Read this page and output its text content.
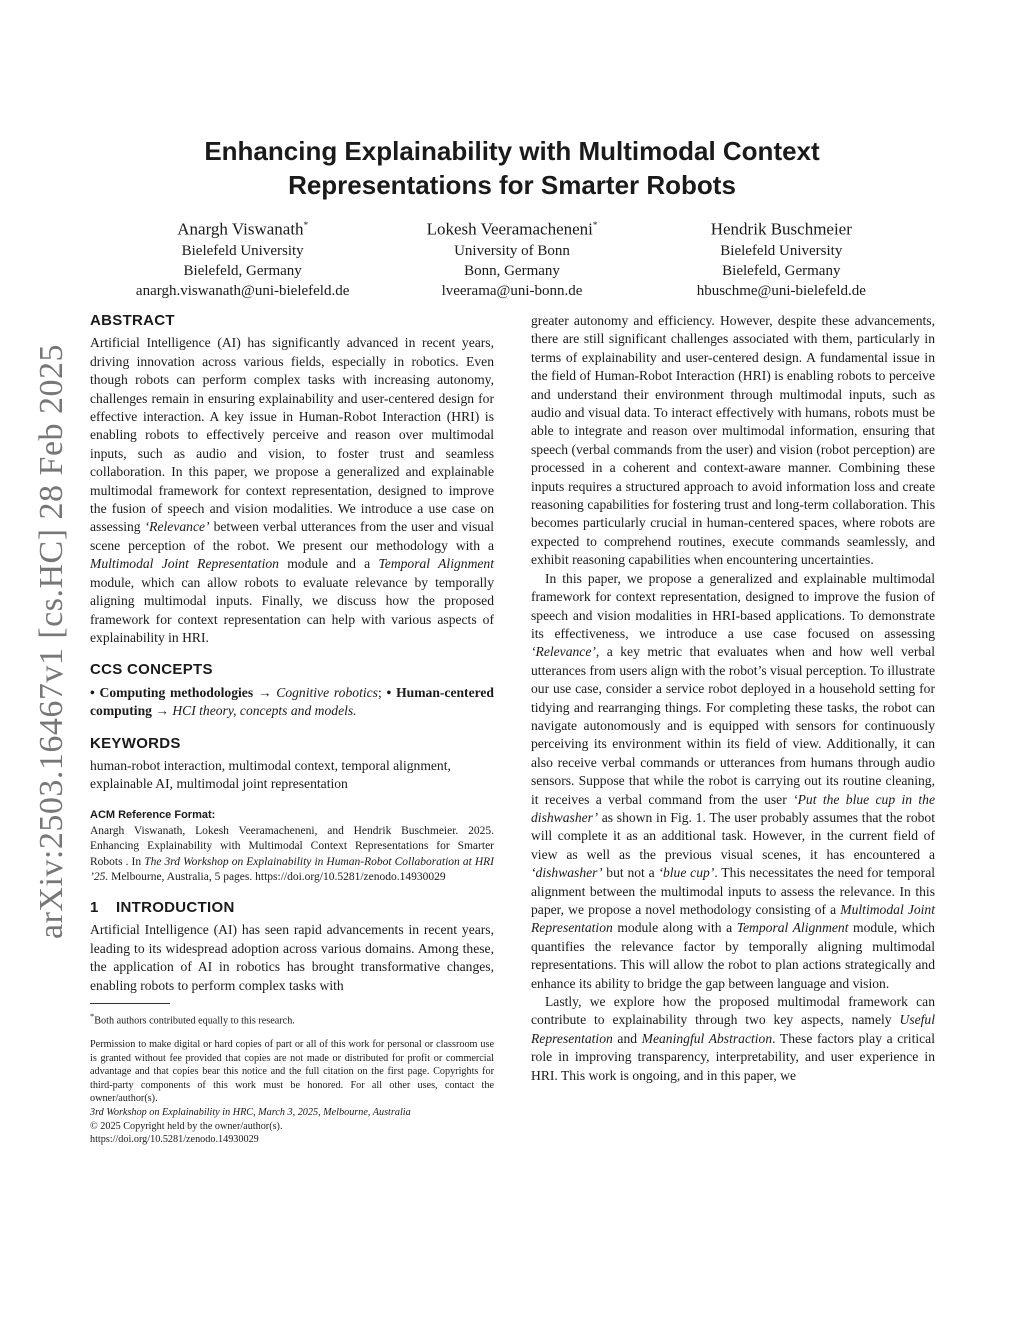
arXiv:2503.16467v1 [cs.HC] 28 Feb 2025
Enhancing Explainability with Multimodal Context
Representations for Smarter Robots
Anargh Viswanath*
Bielefeld University
Bielefeld, Germany
anargh.viswanath@uni-bielefeld.de
Lokesh Veeramacheneni*
University of Bonn
Bonn, Germany
lveerama@uni-bonn.de
Hendrik Buschmeier
Bielefeld University
Bielefeld, Germany
hbuschme@uni-bielefeld.de
ABSTRACT

Artificial Intelligence (AI) has significantly advanced in recent years, driving innovation across various fields, especially in robotics. Even though robots can perform complex tasks with increasing autonomy, challenges remain in ensuring explainability and user-centered design for effective interaction. A key issue in Human-Robot Interaction (HRI) is enabling robots to effectively perceive and reason over multimodal inputs, such as audio and vision, to foster trust and seamless collaboration. In this paper, we propose a generalized and explainable multimodal framework for context representation, designed to improve the fusion of speech and vision modalities. We introduce a use case on assessing ‘Relevance’ between verbal utterances from the user and visual scene perception of the robot. We present our methodology with a Multimodal Joint Representation module and a Temporal Alignment module, which can allow robots to evaluate relevance by temporally aligning multimodal inputs. Finally, we discuss how the proposed framework for context representation can help with various aspects of explainability in HRI.

CCS CONCEPTS

• Computing methodologies → Cognitive robotics; • Human-centered computing → HCI theory, concepts and models.

KEYWORDS

human-robot interaction, multimodal context, temporal alignment, explainable AI, multimodal joint representation

ACM Reference Format:

Anargh Viswanath, Lokesh Veeramacheneni, and Hendrik Buschmeier. 2025. Enhancing Explainability with Multimodal Context Representations for Smarter Robots . In The 3rd Workshop on Explainability in Human-Robot Collaboration at HRI ’25. Melbourne, Australia, 5 pages. https://doi.org/10.5281/zenodo.14930029

1 INTRODUCTION

Artificial Intelligence (AI) has seen rapid advancements in recent years, leading to its widespread adoption across various domains. Among these, the application of AI in robotics has brought transformative changes, enabling robots to perform complex tasks with

*Both authors contributed equally to this research.

Permission to make digital or hard copies of part or all of this work for personal or classroom use is granted without fee provided that copies are not made or distributed for profit or commercial advantage and that copies bear this notice and the full citation on the first page. Copyrights for third-party components of this work must be honored. For all other uses, contact the owner/author(s).

3rd Workshop on Explainability in HRC, March 3, 2025, Melbourne, Australia
© 2025 Copyright held by the owner/author(s).
https://doi.org/10.5281/zenodo.14930029

greater autonomy and efficiency. However, despite these advancements, there are still significant challenges associated with them, particularly in terms of explainability and user-centered design. A fundamental issue in the field of Human-Robot Interaction (HRI) is enabling robots to perceive and understand their environment through multimodal inputs, such as audio and visual data. To interact effectively with humans, robots must be able to integrate and reason over multimodal information, ensuring that speech (verbal commands from the user) and vision (robot perception) are processed in a coherent and context-aware manner. Combining these inputs requires a structured approach to avoid information loss and create reasoning capabilities for fostering trust and long-term collaboration. This becomes particularly crucial in human-centered spaces, where robots are expected to comprehend routines, execute commands seamlessly, and exhibit reasoning capabilities when encountering uncertainties.

In this paper, we propose a generalized and explainable multimodal framework for context representation, designed to improve the fusion of speech and vision modalities in HRI-based applications. To demonstrate its effectiveness, we introduce a use case focused on assessing ‘Relevance’, a key metric that evaluates when and how well verbal utterances from users align with the robot’s visual perception. To illustrate our use case, consider a service robot deployed in a household setting for tidying and rearranging things. For completing these tasks, the robot can navigate autonomously and is equipped with sensors for continuously perceiving its environment within its field of view. Additionally, it can also receive verbal commands or utterances from humans through audio sensors. Suppose that while the robot is carrying out its routine cleaning, it receives a verbal command from the user ‘Put the blue cup in the dishwasher’ as shown in Fig. 1. The user probably assumes that the robot will complete it as an additional task. However, in the current field of view as well as the previous visual scenes, it has encountered a ‘dishwasher’ but not a ‘blue cup’. This necessitates the need for temporal alignment between the multimodal inputs to assess the relevance. In this paper, we propose a novel methodology consisting of a Multimodal Joint Representation module along with a Temporal Alignment module, which quantifies the relevance factor by temporally aligning multimodal representations. This will allow the robot to plan actions strategically and enhance its ability to bridge the gap between language and vision.

Lastly, we explore how the proposed multimodal framework can contribute to explainability through two key aspects, namely Useful Representation and Meaningful Abstraction. These factors play a critical role in improving transparency, interpretability, and user experience in HRI. This work is ongoing, and in this paper, we
